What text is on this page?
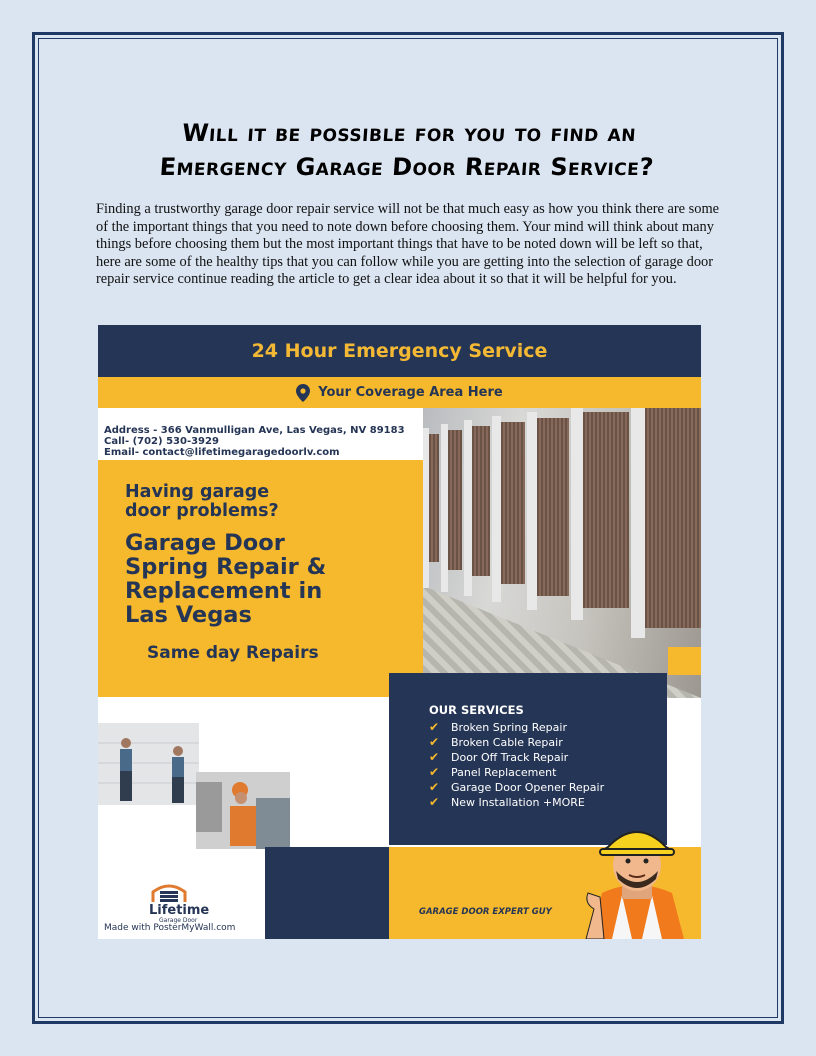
Will it be possible for you to find an
Emergency Garage Door Repair Service?
Finding a trustworthy garage door repair service will not be that much easy as how you think there are some of the important things that you need to note down before choosing them. Your mind will think about many things before choosing them but the most important things that have to be noted down will be left so that, here are some of the healthy tips that you can follow while you are getting into the selection of garage door repair service continue reading the article to get a clear idea about it so that it will be helpful for you.
24 Hour Emergency Service
Your Coverage Area Here
Address - 366 Vanmulligan Ave, Las Vegas, NV 89183
Call- (702) 530-3929
Email- contact@lifetimegaragedoorlv.com
Having garage
door problems?
Garage Door
Spring Repair &
Replacement in
Las Vegas
Same day Repairs
OUR SERVICES
✔	Broken Spring Repair
✔	Broken Cable Repair
✔	Door Off Track Repair
✔	Panel Replacement
✔	Garage Door Opener Repair
✔	New Installation +MORE
GARAGE DOOR EXPERT GUY
Lifetime
Garage Door
Made with PosterMyWall.com
